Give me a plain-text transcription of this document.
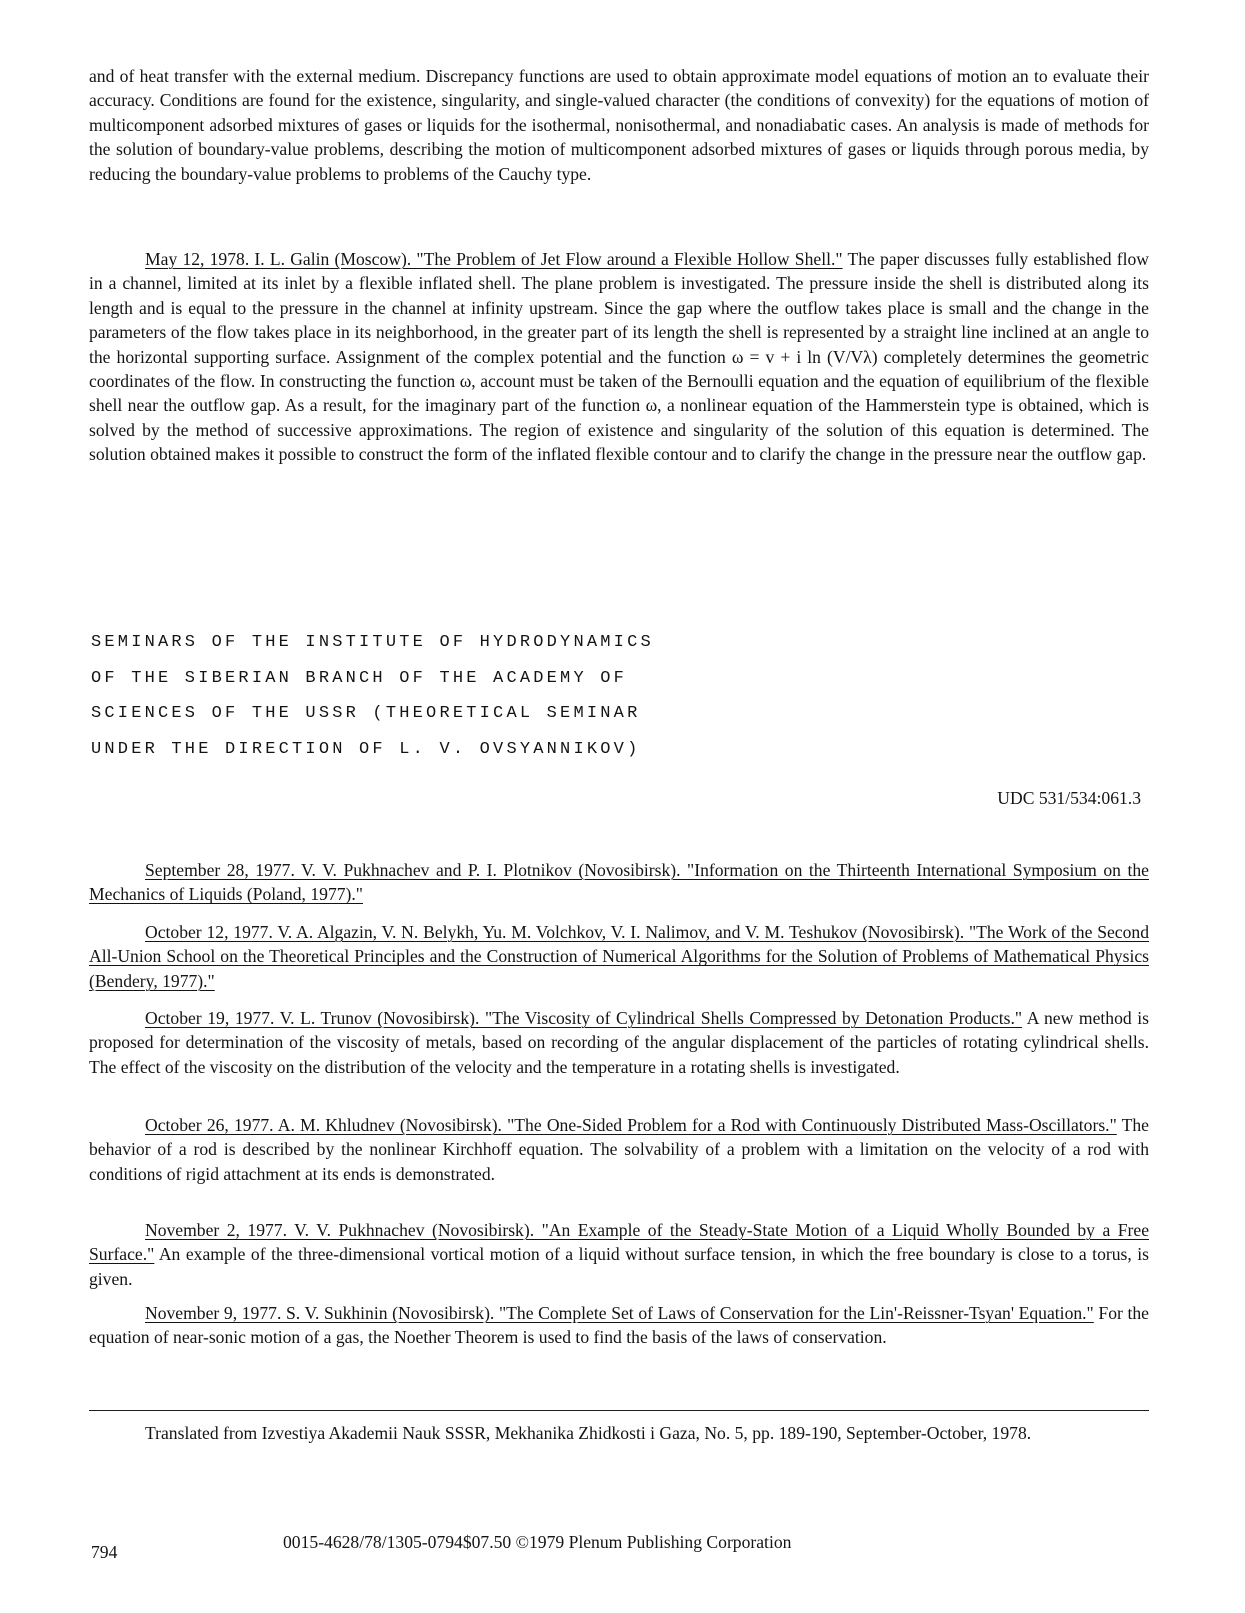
and of heat transfer with the external medium. Discrepancy functions are used to obtain approximate model equations of motion an to evaluate their accuracy. Conditions are found for the existence, singularity, and single-valued character (the conditions of convexity) for the equations of motion of multicomponent adsorbed mixtures of gases or liquids for the isothermal, nonisothermal, and nonadiabatic cases. An analysis is made of methods for the solution of boundary-value problems, describing the motion of multicomponent adsorbed mixtures of gases or liquids through porous media, by reducing the boundary-value problems to problems of the Cauchy type.

May 12, 1978. I. L. Galin (Moscow). "The Problem of Jet Flow around a Flexible Hollow Shell." The paper discusses fully established flow in a channel, limited at its inlet by a flexible inflated shell. The plane problem is investigated. The pressure inside the shell is distributed along its length and is equal to the pressure in the channel at infinity upstream. Since the gap where the outflow takes place is small and the change in the parameters of the flow takes place in its neighborhood, in the greater part of its length the shell is represented by a straight line inclined at an angle to the horizontal supporting surface. Assignment of the complex potential and the function ω = v + i ln (V/Vλ) completely determines the geometric coordinates of the flow. In constructing the function ω, account must be taken of the Bernoulli equation and the equation of equilibrium of the flexible shell near the outflow gap. As a result, for the imaginary part of the function ω, a nonlinear equation of the Hammerstein type is obtained, which is solved by the method of successive approximations. The region of existence and singularity of the solution of this equation is determined. The solution obtained makes it possible to construct the form of the inflated flexible contour and to clarify the change in the pressure near the outflow gap.

SEMINARS OF THE INSTITUTE OF HYDRODYNAMICS
OF THE SIBERIAN BRANCH OF THE ACADEMY OF
SCIENCES OF THE USSR (THEORETICAL SEMINAR
UNDER THE DIRECTION OF L. V. OVSYANNIKOV)
UDC 531/534:061.3

September 28, 1977. V. V. Pukhnachev and P. I. Plotnikov (Novosibirsk). "Information on the Thirteenth International Symposium on the Mechanics of Liquids (Poland, 1977)."

October 12, 1977. V. A. Algazin, V. N. Belykh, Yu. M. Volchkov, V. I. Nalimov, and V. M. Teshukov (Novosibirsk). "The Work of the Second All-Union School on the Theoretical Principles and the Construction of Numerical Algorithms for the Solution of Problems of Mathematical Physics (Bendery, 1977)."

October 19, 1977. V. L. Trunov (Novosibirsk). "The Viscosity of Cylindrical Shells Compressed by Detonation Products." A new method is proposed for determination of the viscosity of metals, based on recording of the angular displacement of the particles of rotating cylindrical shells. The effect of the viscosity on the distribution of the velocity and the temperature in a rotating shells is investigated.

October 26, 1977. A. M. Khludnev (Novosibirsk). "The One-Sided Problem for a Rod with Continuously Distributed Mass-Oscillators." The behavior of a rod is described by the nonlinear Kirchhoff equation. The solvability of a problem with a limitation on the velocity of a rod with conditions of rigid attachment at its ends is demonstrated.

November 2, 1977. V. V. Pukhnachev (Novosibirsk). "An Example of the Steady-State Motion of a Liquid Wholly Bounded by a Free Surface." An example of the three-dimensional vortical motion of a liquid without surface tension, in which the free boundary is close to a torus, is given.

November 9, 1977. S. V. Sukhinin (Novosibirsk). "The Complete Set of Laws of Conservation for the Lin'-Reissner-Tsyan' Equation." For the equation of near-sonic motion of a gas, the Noether Theorem is used to find the basis of the laws of conservation.

Translated from Izvestiya Akademii Nauk SSSR, Mekhanika Zhidkosti i Gaza, No. 5, pp. 189-190, September-October, 1978.

794	0015-4628/78/1305-0794$07.50 ©1979 Plenum Publishing Corporation
